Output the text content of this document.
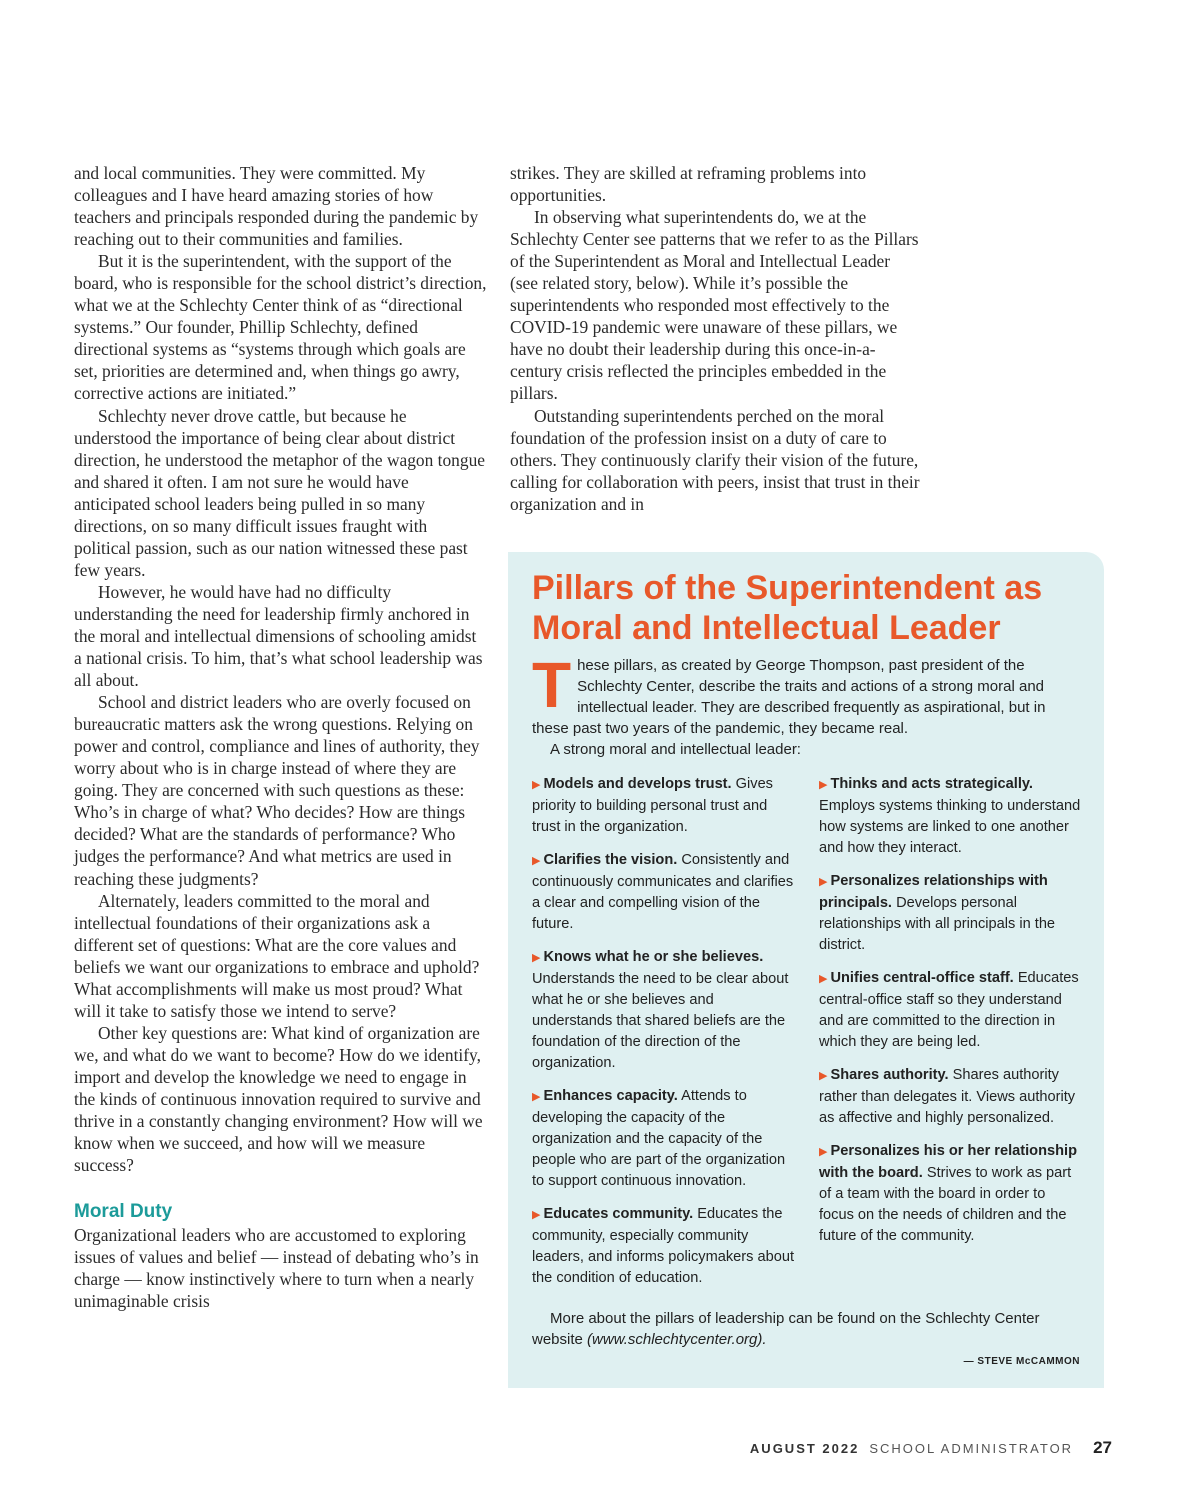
and local communities. They were committed. My colleagues and I have heard amazing stories of how teachers and principals responded during the pandemic by reaching out to their communities and families.

But it is the superintendent, with the support of the board, who is responsible for the school district’s direction, what we at the Schlechty Center think of as “directional systems.” Our founder, Phillip Schlechty, defined directional systems as “systems through which goals are set, priorities are determined and, when things go awry, corrective actions are initiated.”

Schlechty never drove cattle, but because he understood the importance of being clear about district direction, he understood the metaphor of the wagon tongue and shared it often. I am not sure he would have anticipated school leaders being pulled in so many directions, on so many difficult issues fraught with political passion, such as our nation witnessed these past few years.

However, he would have had no difficulty understanding the need for leadership firmly anchored in the moral and intellectual dimensions of schooling amidst a national crisis. To him, that’s what school leadership was all about.

School and district leaders who are overly focused on bureaucratic matters ask the wrong questions. Relying on power and control, compliance and lines of authority, they worry about who is in charge instead of where they are going. They are concerned with such questions as these: Who’s in charge of what? Who decides? How are things decided? What are the standards of performance? Who judges the performance? And what metrics are used in reaching these judgments?

Alternately, leaders committed to the moral and intellectual foundations of their organizations ask a different set of questions: What are the core values and beliefs we want our organizations to embrace and uphold? What accomplishments will make us most proud? What will it take to satisfy those we intend to serve?

Other key questions are: What kind of organization are we, and what do we want to become? How do we identify, import and develop the knowledge we need to engage in the kinds of continuous innovation required to survive and thrive in a constantly changing environment? How will we know when we succeed, and how will we measure success?

Moral Duty

Organizational leaders who are accustomed to exploring issues of values and belief — instead of debating who’s in charge — know instinctively where to turn when a nearly unimaginable crisis

strikes. They are skilled at reframing problems into opportunities.

In observing what superintendents do, we at the Schlechty Center see patterns that we refer to as the Pillars of the Superintendent as Moral and Intellectual Leader (see related story, below). While it’s possible the superintendents who responded most effectively to the COVID-19 pandemic were unaware of these pillars, we have no doubt their leadership during this once-in-a-century crisis reflected the principles embedded in the pillars.

Outstanding superintendents perched on the moral foundation of the profession insist on a duty of care to others. They continuously clarify their vision of the future, calling for collaboration with peers, insist that trust in their organization and in

Pillars of the Superintendent as Moral and Intellectual Leader
T hese pillars, as created by George Thompson, past president of the Schlechty Center, describe the traits and actions of a strong moral and intellectual leader. They are described frequently as aspirational, but in these past two years of the pandemic, they became real.

A strong moral and intellectual leader:

▶ Models and develops trust. Gives priority to building personal trust and trust in the organization.

▶ Clarifies the vision. Consistently and continuously communicates and clarifies a clear and compelling vision of the future.

▶ Knows what he or she believes. Understands the need to be clear about what he or she believes and understands that shared beliefs are the foundation of the direction of the organization.

▶ Enhances capacity. Attends to developing the capacity of the organization and the capacity of the people who are part of the organization to support continuous innovation.

▶ Educates community. Educates the community, especially community leaders, and informs policymakers about the condition of education.

▶ Thinks and acts strategically. Employs systems thinking to understand how systems are linked to one another and how they interact.

▶ Personalizes relationships with principals. Develops personal relationships with all principals in the district.

▶ Unifies central-office staff. Educates central-office staff so they understand and are committed to the direction in which they are being led.

▶ Shares authority. Shares authority rather than delegates it. Views authority as affective and highly personalized.

▶ Personalizes his or her relationship with the board. Strives to work as part of a team with the board in order to focus on the needs of children and the future of the community.

More about the pillars of leadership can be found on the Schlechty Center website (www.schlechtycenter.org).

— STEVE McCAMMON
AUGUST 2022 SCHOOL ADMINISTRATOR 27
